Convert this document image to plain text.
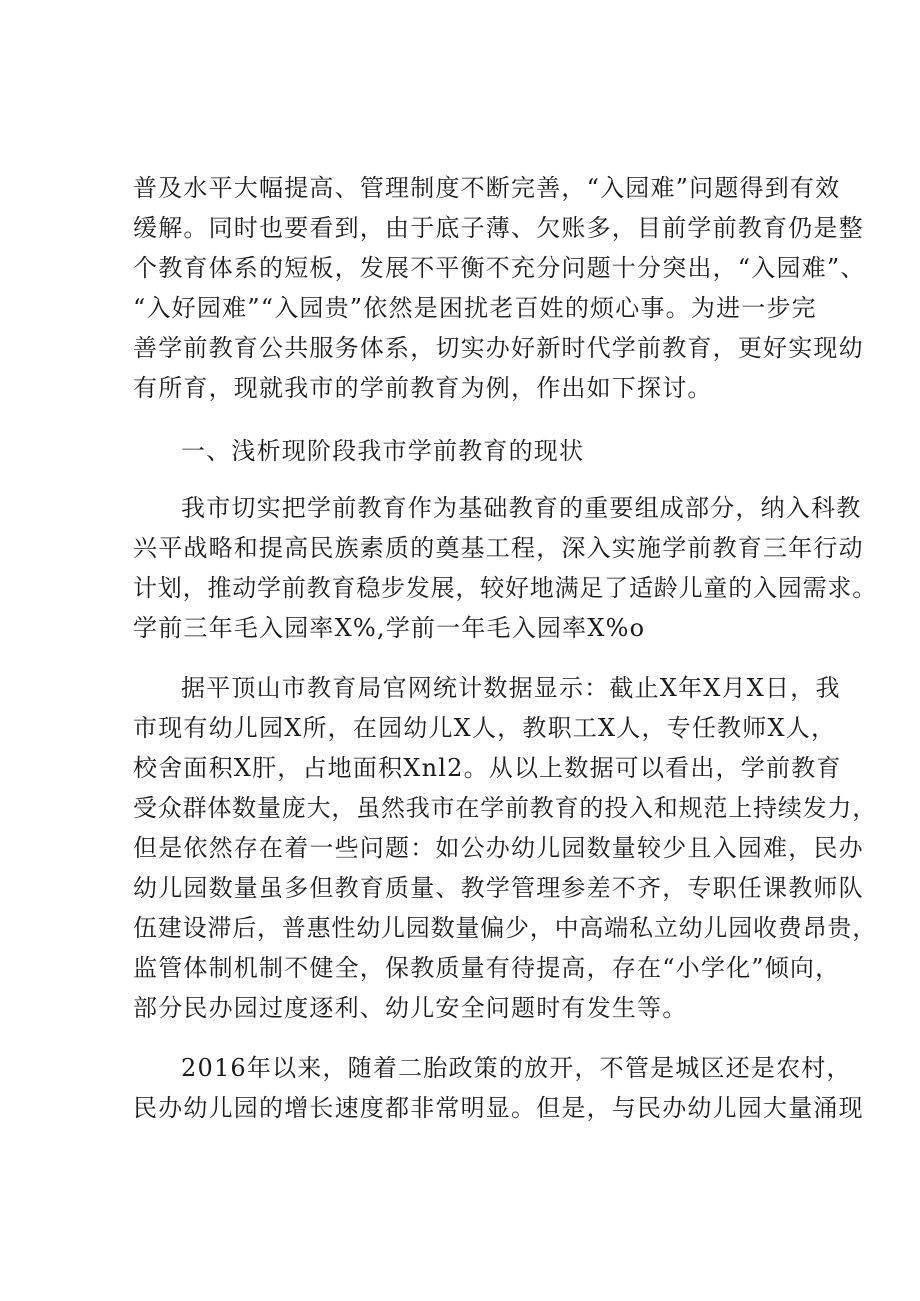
普及水平大幅提高、管理制度不断完善，“入园难”问题得到有效
缓解。同时也要看到，由于底子薄、欠账多，目前学前教育仍是整
个教育体系的短板，发展不平衡不充分问题十分突出，“入园难”、
“入好园难”“入园贵”依然是困扰老百姓的烦心事。为进一步完
善学前教育公共服务体系，切实办好新时代学前教育，更好实现幼
有所育，现就我市的学前教育为例，作出如下探讨。
一、浅析现阶段我市学前教育的现状
我市切实把学前教育作为基础教育的重要组成部分，纳入科教
兴平战略和提高民族素质的奠基工程，深入实施学前教育三年行动
计划，推动学前教育稳步发展，较好地满足了适龄儿童的入园需求。
学前三年毛入园率X%,学前一年毛入园率X%o
据平顶山市教育局官网统计数据显示：截止X年X月X日，我
市现有幼儿园X所，在园幼儿X人，教职工X人，专任教师X人，
校舍面积X肝，占地面积Xnl2。从以上数据可以看出，学前教育
受众群体数量庞大，虽然我市在学前教育的投入和规范上持续发力，
但是依然存在着一些问题：如公办幼儿园数量较少且入园难，民办
幼儿园数量虽多但教育质量、教学管理参差不齐，专职任课教师队
伍建设滞后，普惠性幼儿园数量偏少，中高端私立幼儿园收费昂贵，
监管体制机制不健全，保教质量有待提高，存在“小学化”倾向，
部分民办园过度逐利、幼儿安全问题时有发生等。
2016年以来，随着二胎政策的放开，不管是城区还是农村，
民办幼儿园的增长速度都非常明显。但是，与民办幼儿园大量涌现
